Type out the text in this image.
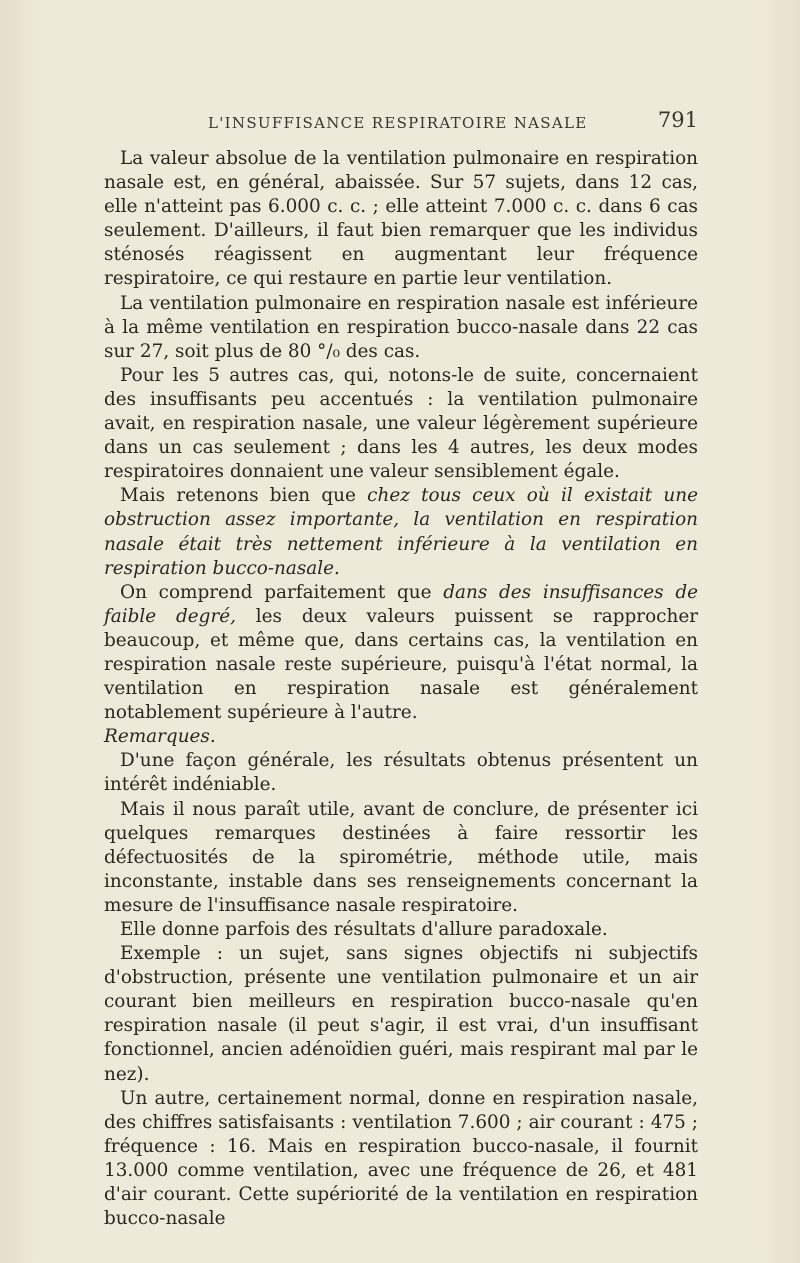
L'INSUFFISANCE RESPIRATOIRE NASALE	791

La valeur absolue de la ventilation pulmonaire en respiration nasale est, en général, abaissée. Sur 57 sujets, dans 12 cas, elle n'atteint pas 6.000 c. c. ; elle atteint 7.000 c. c. dans 6 cas seulement. D'ailleurs, il faut bien remarquer que les individus sténosés réagissent en augmentant leur fréquence respiratoire, ce qui restaure en partie leur ventilation.

La ventilation pulmonaire en respiration nasale est inférieure à la même ventilation en respiration bucco-nasale dans 22 cas sur 27, soit plus de 80 °/₀ des cas.

Pour les 5 autres cas, qui, notons-le de suite, concernaient des insuffisants peu accentués : la ventilation pulmonaire avait, en respiration nasale, une valeur légèrement supérieure dans un cas seulement ; dans les 4 autres, les deux modes respiratoires donnaient une valeur sensiblement égale.

Mais retenons bien que chez tous ceux où il existait une obstruction assez importante, la ventilation en respiration nasale était très nettement inférieure à la ventilation en respiration bucco-nasale.

On comprend parfaitement que dans des insuffisances de faible degré, les deux valeurs puissent se rapprocher beaucoup, et même que, dans certains cas, la ventilation en respiration nasale reste supérieure, puisqu'à l'état normal, la ventilation en respiration nasale est généralement notablement supérieure à l'autre.

Remarques.

D'une façon générale, les résultats obtenus présentent un intérêt indéniable.

Mais il nous paraît utile, avant de conclure, de présenter ici quelques remarques destinées à faire ressortir les défectuosités de la spirométrie, méthode utile, mais inconstante, instable dans ses renseignements concernant la mesure de l'insuffisance nasale respiratoire.

Elle donne parfois des résultats d'allure paradoxale.

Exemple : un sujet, sans signes objectifs ni subjectifs d'obstruction, présente une ventilation pulmonaire et un air courant bien meilleurs en respiration bucco-nasale qu'en respiration nasale (il peut s'agir, il est vrai, d'un insuffisant fonctionnel, ancien adénoïdien guéri, mais respirant mal par le nez).

Un autre, certainement normal, donne en respiration nasale, des chiffres satisfaisants : ventilation 7.600 ; air courant : 475 ; fréquence : 16. Mais en respiration bucco-nasale, il fournit 13.000 comme ventilation, avec une fréquence de 26, et 481 d'air courant. Cette supériorité de la ventilation en respiration bucco-nasale
